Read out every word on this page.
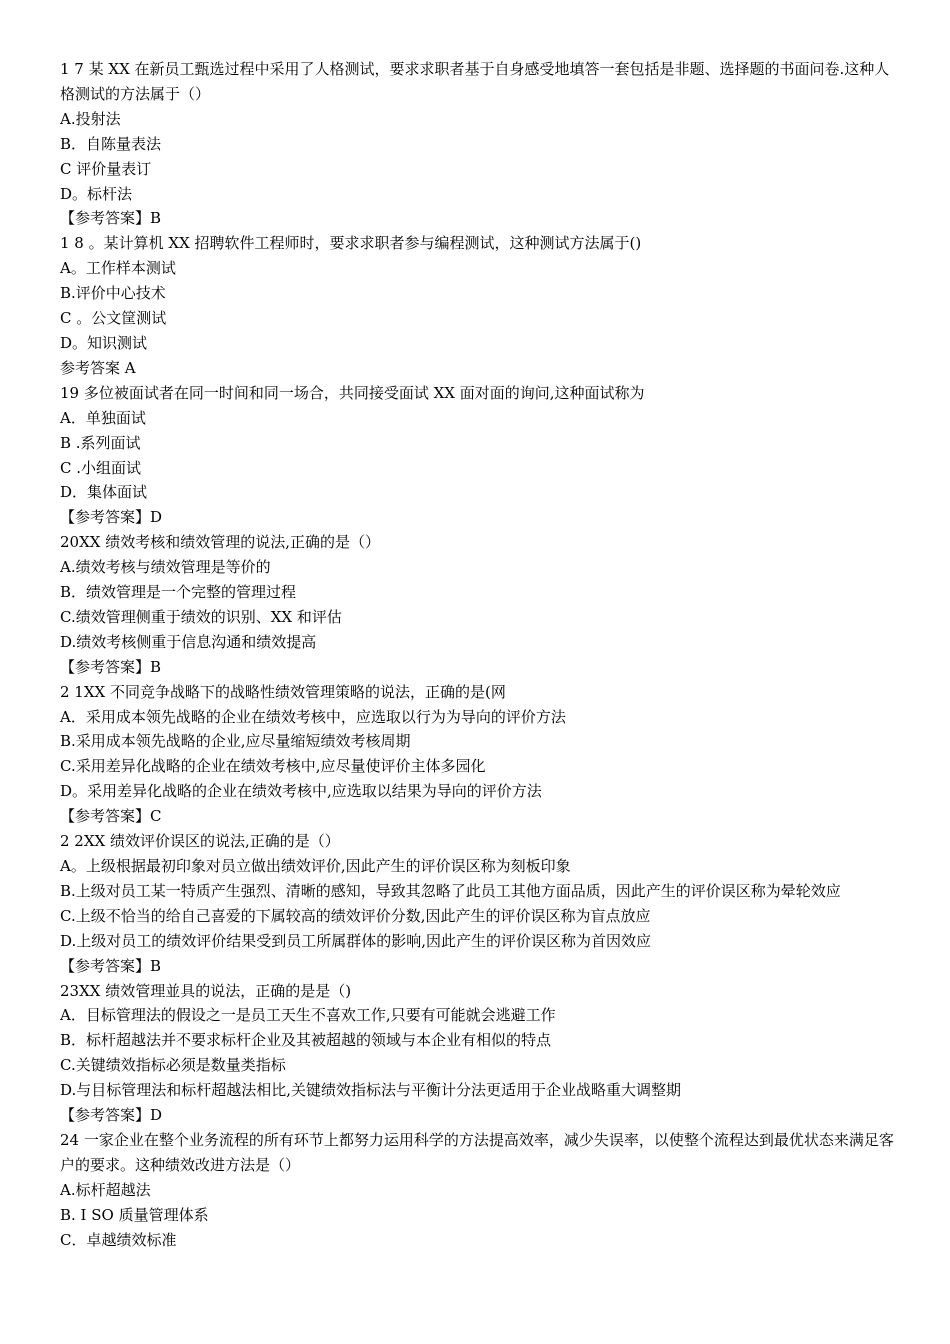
1 7 某 XX 在新员工甄选过程中采用了人格测试，要求求职者基于自身感受地填答一套包括是非题、选择题的书面问卷.这种人格测试的方法属于（）

A.投射法

B．自陈量表法

C 评价量表订

D。标杆法

【参考答案】B

1 8 。某计算机 XX 招聘软件工程师时，要求求职者参与编程测试，这种测试方法属于()

A。工作样本测试

B.评价中心技术

C 。公文筐测试

D。知识测试

参考答案 A

19 多位被面试者在同一时间和同一场合，共同接受面试 XX 面对面的询问,这种面试称为

A．单独面试

B .系列面试

C .小组面试

D．集体面试

【参考答案】D

20XX 绩效考核和绩效管理的说法,正确的是（）

A.绩效考核与绩效管理是等价的

B．绩效管理是一个完整的管理过程

C.绩效管理侧重于绩效的识别、XX 和评估

D.绩效考核侧重于信息沟通和绩效提高

【参考答案】B

2 1XX 不同竞争战略下的战略性绩效管理策略的说法，正确的是(网

A．采用成本领先战略的企业在绩效考核中，应选取以行为为导向的评价方法

B.采用成本领先战略的企业,应尽量缩短绩效考核周期

C.采用差异化战略的企业在绩效考核中,应尽量使评价主体多园化

D。采用差异化战略的企业在绩效考核中,应选取以结果为导向的评价方法

【参考答案】C

2 2XX 绩效评价误区的说法,正确的是（）

A。上级根据最初印象对员立做出绩效评价,因此产生的评价误区称为刻板印象

B.上级对员工某一特质产生强烈、清晰的感知，导致其忽略了此员工其他方面品质，因此产生的评价误区称为晕轮效应

C.上级不恰当的给自己喜爱的下属较高的绩效评价分数,因此产生的评价误区称为盲点放应

D.上级对员工的绩效评价结果受到员工所属群体的影响,因此产生的评价误区称为首因效应

【参考答案】B

23XX 绩效管理並具的说法，正确的是是（)

A．目标管理法的假设之一是员工天生不喜欢工作,只要有可能就会逃避工作

B．标杆超越法并不要求标杆企业及其被超越的领域与本企业有相似的特点

C.关键绩效指标必须是数量类指标

D.与目标管理法和标杆超越法相比,关键绩效指标法与平衡计分法更适用于企业战略重大调整期

【参考答案】D

24 一家企业在整个业务流程的所有环节上都努力运用科学的方法提高效率，减少失误率，以使整个流程达到最优状态来满足客户的要求。这种绩效改进方法是（）

A.标杆超越法

B. I SO 质量管理体系

C．卓越绩效标准
